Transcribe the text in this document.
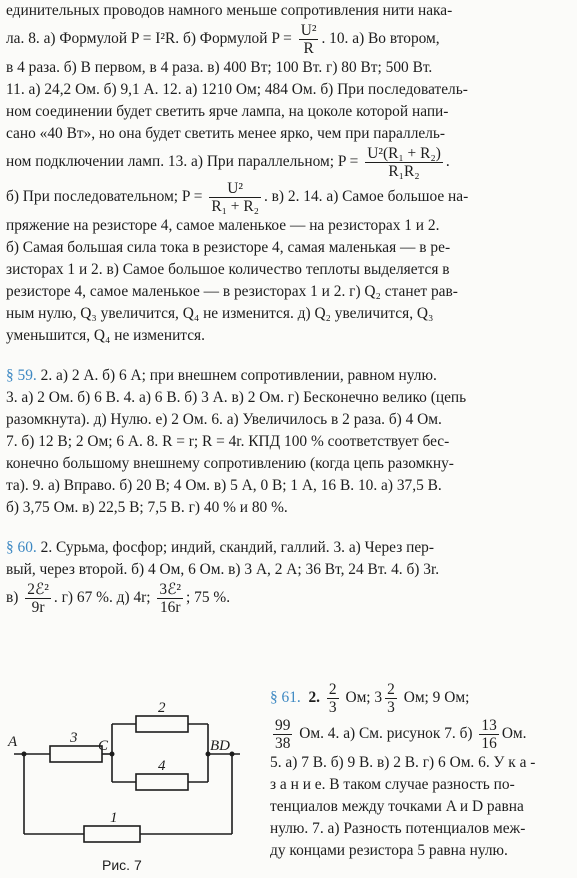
единительных проводов намного меньше сопротивления нити нака-

ла. 8. а) Формулой P = I²R. б) Формулой $P = \frac{\text{U²}}{R}$ . 10. а) Во втором,

в 4 раза. б) В первом, в 4 раза. в) 400 Вт; 100 Вт. г) 80 Вт; 500 Вт.

11. а) 24,2 Ом. б) 9,1 А. 12. а) 1210 Ом; 484 Ом. б) При последователь-

ном соединении будет светить ярче лампа, на цоколе которой напи-

сано «40 Вт», но она будет светить менее ярко, чем при параллель-

ном подключении ламп. 13. а) При параллельном; $P = \frac{\text{U²(R₁ + R₂)}}{\text{R₁R₂}}$ .

б) При последовательном; $P = \frac{\text{U²}}{\text{R₁ + R₂}}$ . в) 2. 14. а) Самое большое на-

пряжение на резисторе 4, самое маленькое — на резисторах 1 и 2.

б) Самая большая сила тока в резисторе 4, самая маленькая — в ре-

зисторах 1 и 2. в) Самое большое количество теплоты выделяется в

резисторе 4, самое маленькое — в резисторах 1 и 2. г) Q₂ станет рав-

ным нулю, Q₃ увеличится, Q₄ не изменится. д) Q₂ увеличится, Q₃

уменьшится, Q₄ не изменится.

§ 59. 2. а) 2 А. б) 6 А; при внешнем сопротивлении, равном нулю.

3. а) 2 Ом. б) 6 В. 4. а) 6 В. б) 3 А. в) 2 Ом. г) Бесконечно велико (цепь

разомкнута). д) Нулю. е) 2 Ом. 6. а) Увеличилось в 2 раза. б) 4 Ом.

7. б) 12 В; 2 Ом; 6 А. 8. R = r; R = 4r. КПД 100 % соответствует бес-

конечно большому внешнему сопротивлению (когда цепь разомкну-

та). 9. а) Вправо. б) 20 В; 4 Ом. в) 5 А, 0 В; 1 А, 16 В. 10. а) 37,5 В.

б) 3,75 Ом. в) 22,5 В; 7,5 В. г) 40 % и 80 %.

§ 60. 2. Сурьма, фосфор; индий, скандий, галлий. 3. а) Через пер-

вый, через второй. б) 4 Ом, 6 Ом. в) 3 А, 2 А; 36 Вт, 24 Вт. 4. б) 3r.

$в) \frac{\text{2ℰ²}}{9r}$ . г) 67 %. д) 4r; $\frac{\text{3ℰ²}}{16r}$ ; 75 %.

A	C	BD
3
2
4
1
Рис. 7

§ 61. 2. $\frac{2}{3}$ Ом; $3 \frac{2}{3}$ Ом; 9 Ом;

$\frac{99}{38}$ Ом. 4. а) См. рисунок 7. $б) \frac{13}{16}$ Ом.

5. а) 7 В. б) 9 В. в) 2 В. г) 6 Ом. 6. У к а -

з а н и е. В таком случае разность по-

тенциалов между точками A и D равна

нулю. 7. а) Разность потенциалов меж-

ду концами резистора 5 равна нулю.
